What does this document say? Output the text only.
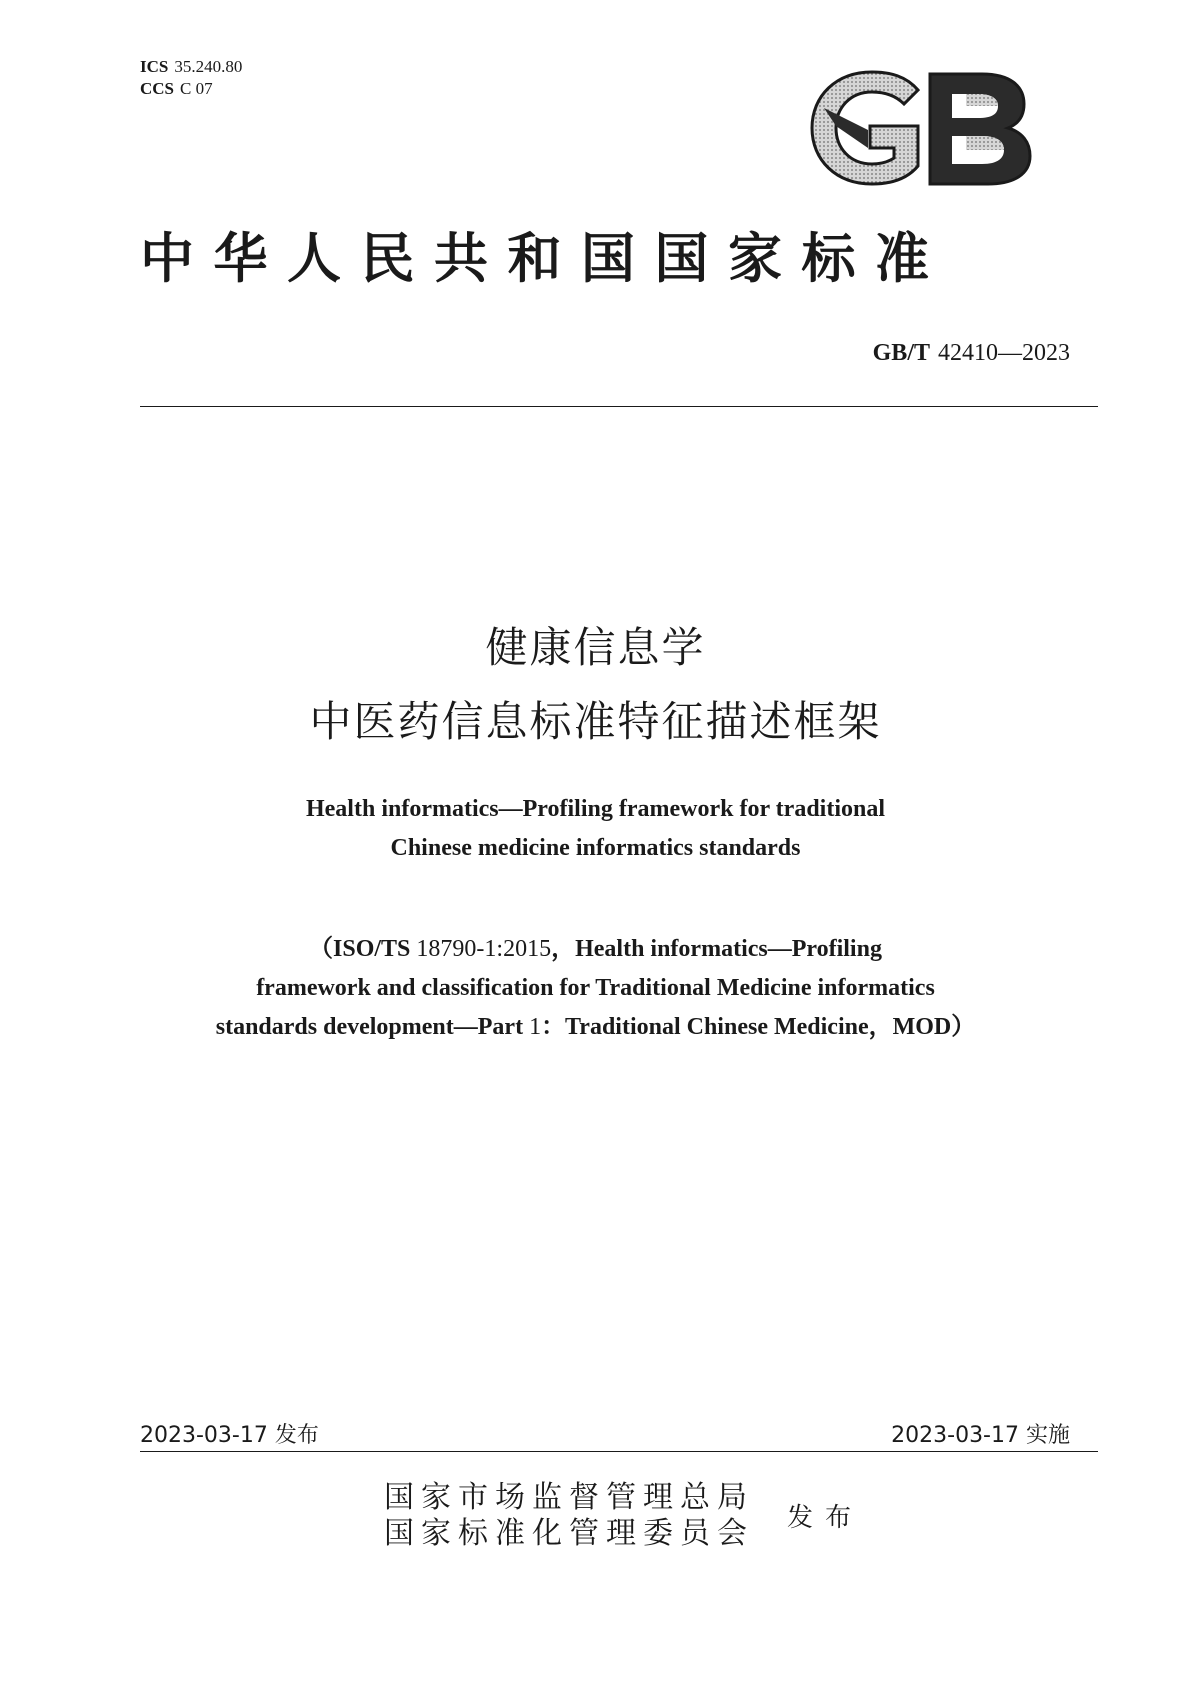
ICS 35.240.80
CCS C 07
中华人民共和国国家标准
GB/T 42410—2023
健康信息学
中医药信息标准特征描述框架
Health informatics—Profiling framework for traditional
Chinese medicine informatics standards
（ISO/TS 18790-1:2015，Health informatics—Profiling
framework and classification for Traditional Medicine informatics
standards development—Part 1：Traditional Chinese Medicine，MOD）
2023-03-17 发布	2023-03-17 实施
国家市场监督管理总局
国家标准化管理委员会 发布
